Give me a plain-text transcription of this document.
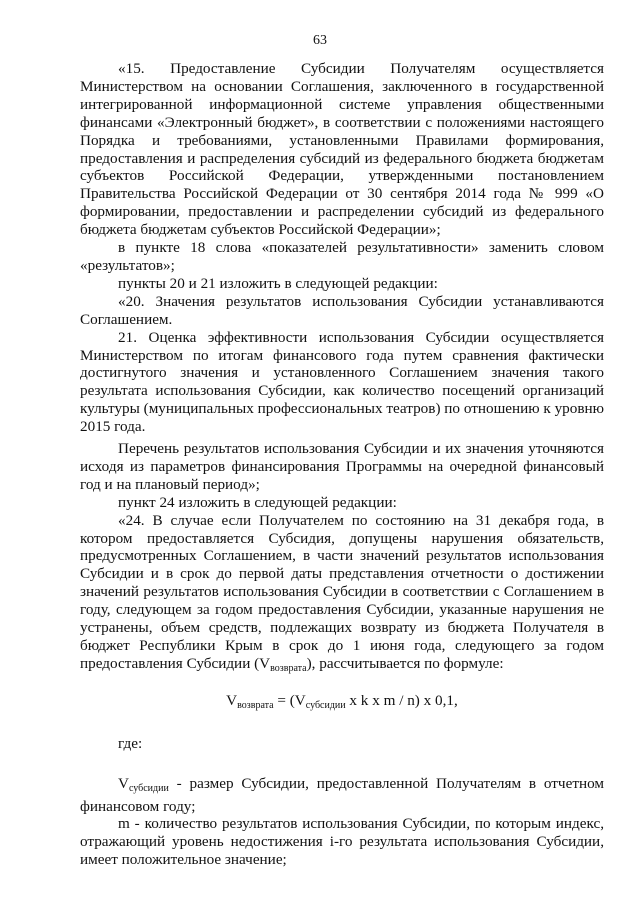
63

«15. Предоставление Субсидии Получателям осуществляется Министерством на основании Соглашения, заключенного в государственной интегрированной информационной системе управления общественными финансами «Электронный бюджет», в соответствии с положениями настоящего Порядка и требованиями, установленными Правилами формирования, предоставления и распределения субсидий из федерального бюджета бюджетам субъектов Российской Федерации, утвержденными постановлением Правительства Российской Федерации от 30 сентября 2014 года № 999 «О формировании, предоставлении и распределении субсидий из федерального бюджета бюджетам субъектов Российской Федерации»;

в пункте 18 слова «показателей результативности» заменить словом «результатов»;

пункты 20 и 21 изложить в следующей редакции:

«20. Значения результатов использования Субсидии устанавливаются Соглашением.

21. Оценка эффективности использования Субсидии осуществляется Министерством по итогам финансового года путем сравнения фактически достигнутого значения и установленного Соглашением значения такого результата использования Субсидии, как количество посещений организаций культуры (муниципальных профессиональных театров) по отношению к уровню 2015 года.

Перечень результатов использования Субсидии и их значения уточняются исходя из параметров финансирования Программы на очередной финансовый год и на плановый период»;

пункт 24 изложить в следующей редакции:

«24. В случае если Получателем по состоянию на 31 декабря года, в котором предоставляется Субсидия, допущены нарушения обязательств, предусмотренных Соглашением, в части значений результатов использования Субсидии и в срок до первой даты представления отчетности о достижении значений результатов использования Субсидии в соответствии с Соглашением в году, следующем за годом предоставления Субсидии, указанные нарушения не устранены, объем средств, подлежащих возврату из бюджета Получателя в бюджет Республики Крым в срок до 1 июня года, следующего за годом предоставления Субсидии $(V_{возврата})$, рассчитывается по формуле:

$V_{возврата} = (V_{субсидии}$ x k x m / n) x 0,1,

где:

$V_{субсидии}$ - размер Субсидии, предоставленной Получателям в отчетном финансовом году;

m - количество результатов использования Субсидии, по которым индекс, отражающий уровень недостижения i-го результата использования Субсидии, имеет положительное значение;
